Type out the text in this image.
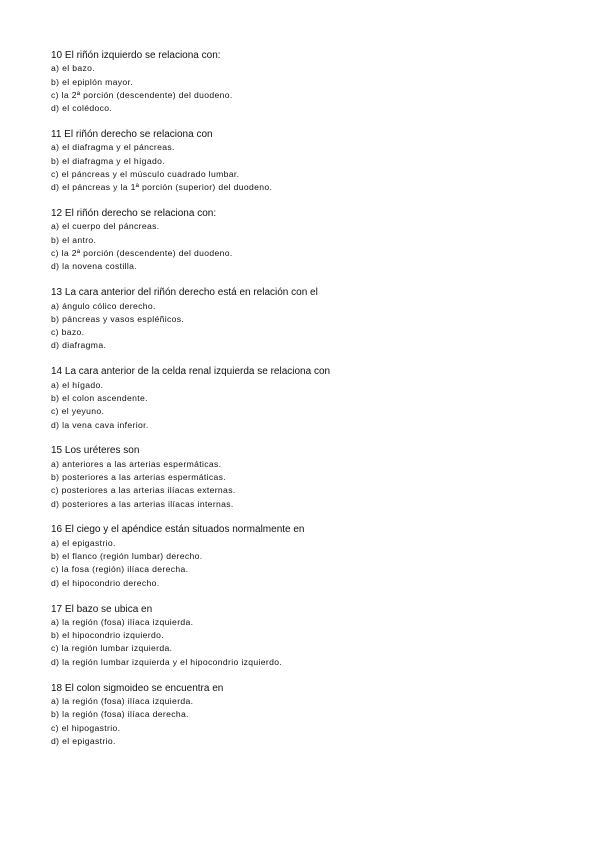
10 El riñón izquierdo se relaciona con:
a) el bazo.
b) el epiplón mayor.
c) la 2ª porción (descendente) del duodeno.
d) el colédoco.
11 El riñón derecho se relaciona con
a) el diafragma y el páncreas.
b) el diafragma y el hígado.
c) el páncreas y el músculo cuadrado lumbar.
d) el páncreas y la 1ª porción (superior) del duodeno.
12 El riñón derecho se relaciona con:
a) el cuerpo del páncreas.
b) el antro.
c) la 2ª porción (descendente) del duodeno.
d) la novena costilla.
13 La cara anterior del riñón derecho está en relación con el
a) ángulo cólico derecho.
b) páncreas y vasos espléñicos.
c) bazo.
d) diafragma.
14 La cara anterior de la celda renal izquierda se relaciona con
a) el hígado.
b) el colon ascendente.
c) el yeyuno.
d) la vena cava inferior.
15 Los uréteres son
a) anteriores a las arterias espermáticas.
b) posteriores a las arterias espermáticas.
c) posteriores a las arterias ilíacas externas.
d) posteriores a las arterias ilíacas internas.
16 El ciego y el apéndice están situados normalmente en
a) el epigastrio.
b) el flanco (región lumbar) derecho.
c) la fosa (región) ilíaca derecha.
d) el hipocondrio derecho.
17 El bazo se ubica en
a) la región (fosa) ilíaca izquierda.
b) el hipocondrio izquierdo.
c) la región lumbar izquierda.
d) la región lumbar izquierda y el hipocondrio izquierdo.
18 El colon sigmoideo se encuentra en
a) la región (fosa) ilíaca izquierda.
b) la región (fosa) ilíaca derecha.
c) el hipogastrio.
d) el epigastrio.
